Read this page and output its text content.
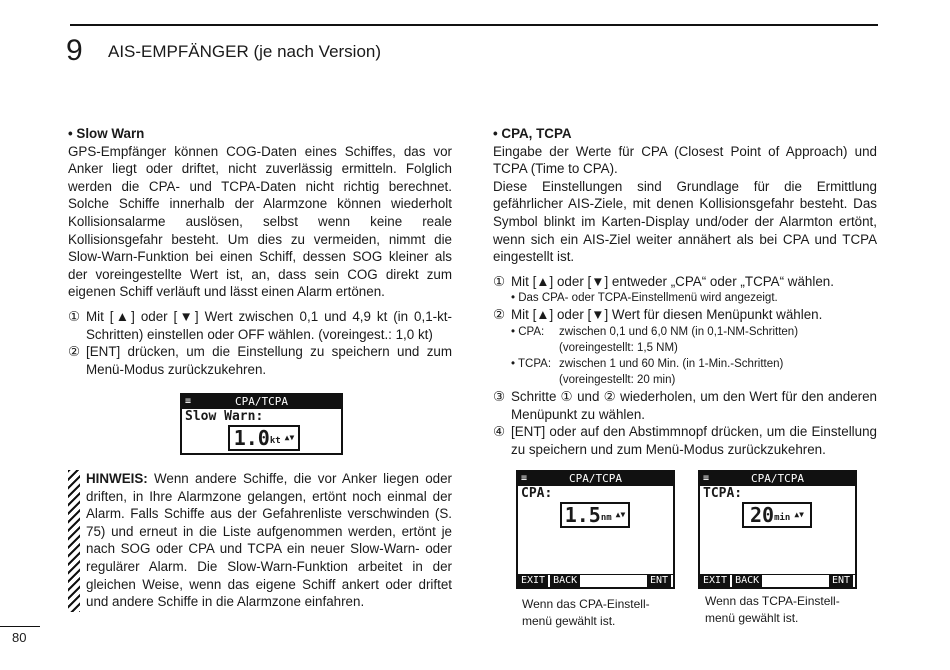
9 AIS-EMPFÄNGER (je nach Version)

• Slow Warn

GPS-Empfänger können COG-Daten eines Schiffes, das vor Anker liegt oder driftet, nicht zuverlässig ermitteln. Folglich werden die CPA- und TCPA-Daten nicht richtig berechnet. Solche Schiffe innerhalb der Alarmzone können wiederholt Kollisionsalarme auslösen, selbst wenn keine reale Kollisionsgefahr besteht. Um dies zu vermeiden, nimmt die Slow-Warn-Funktion bei einen Schiff, dessen SOG kleiner als der voreingestellte Wert ist, an, dass sein COG direkt zum eigenen Schiff verläuft und lässt einen Alarm ertönen.

① Mit [▲] oder [▼] Wert zwischen 0,1 und 4,9 kt (in 0,1-kt-Schritten) einstellen oder OFF wählen. (voreingest.: 1,0 kt)
② [ENT] drücken, um die Einstellung zu speichern und zum Menü-Modus zurückzukehren.
≡	CPA/TCPA
Slow Warn:
1.0 kt ▲▼

HINWEIS: Wenn andere Schiffe, die vor Anker liegen oder driften, in Ihre Alarmzone gelangen, ertönt noch einmal der Alarm. Falls Schiffe aus der Gefahrenliste verschwinden (S. 75) und erneut in die Liste aufgenommen werden, ertönt je nach SOG oder CPA und TCPA ein neuer Slow-Warn- oder regulärer Alarm. Die Slow-Warn-Funktion arbeitet in der gleichen Weise, wenn das eigene Schiff ankert oder driftet und andere Schiffe in die Alarmzone einfahren.

• CPA, TCPA

Eingabe der Werte für CPA (Closest Point of Approach) und TCPA (Time to CPA).

Diese Einstellungen sind Grundlage für die Ermittlung gefährlicher AIS-Ziele, mit denen Kollisionsgefahr besteht. Das Symbol blinkt im Karten-Display und/oder der Alarmton ertönt, wenn sich ein AIS-Ziel weiter annähert als bei CPA und TCPA eingestellt ist.

① Mit [▲] oder [▼] entweder „CPA“ oder „TCPA“ wählen.
• Das CPA- oder TCPA-Einstellmenü wird angezeigt.
② Mit [▲] oder [▼] Wert für diesen Menüpunkt wählen.
• CPA:	zwischen 0,1 und 6,0 NM (in 0,1-NM-Schritten)
(voreingestellt: 1,5 NM)
• TCPA: zwischen 1 und 60 Min. (in 1-Min.-Schritten)
(voreingestellt: 20 min)
③ Schritte ① und ② wiederholen, um den Wert für den anderen Menüpunkt zu wählen.
④ [ENT] oder auf den Abstimmnopf drücken, um die Einstellung zu speichern und zum Menü-Modus zurückzukehren.
≡	CPA/TCPA
CPA:
1.5 nm ▲▼
EXIT BACK	ENT
≡	CPA/TCPA
TCPA:
20 min ▲▼
EXIT BACK	ENT
Wenn das CPA-Einstell-menü gewählt ist.
Wenn das TCPA-Einstell-menü gewählt ist.
80
